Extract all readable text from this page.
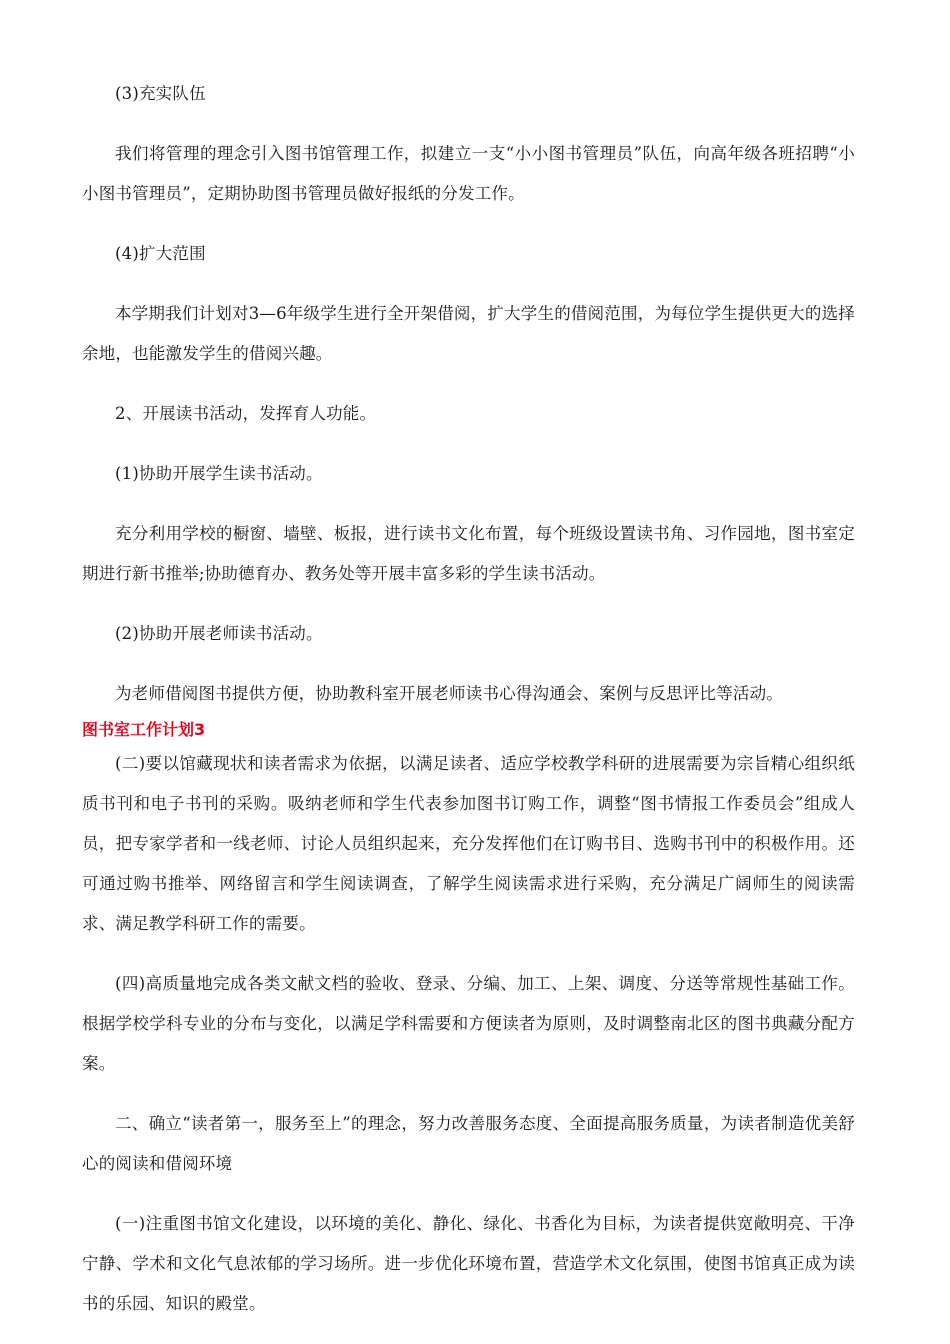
(3)充实队伍

我们将管理的理念引入图书馆管理工作，拟建立一支“小小图书管理员”队伍，向高年级各班招聘“小小图书管理员”，定期协助图书管理员做好报纸的分发工作。

(4)扩大范围

本学期我们计划对3—6年级学生进行全开架借阅，扩大学生的借阅范围，为每位学生提供更大的选择余地，也能激发学生的借阅兴趣。

2、开展读书活动，发挥育人功能。

(1)协助开展学生读书活动。

充分利用学校的橱窗、墙壁、板报，进行读书文化布置，每个班级设置读书角、习作园地，图书室定期进行新书推举;协助德育办、教务处等开展丰富多彩的学生读书活动。

(2)协助开展老师读书活动。

为老师借阅图书提供方便，协助教科室开展老师读书心得沟通会、案例与反思评比等活动。

图书室工作计划3

(二)要以馆藏现状和读者需求为依据，以满足读者、适应学校教学科研的进展需要为宗旨精心组织纸质书刊和电子书刊的采购。吸纳老师和学生代表参加图书订购工作，调整“图书情报工作委员会”组成人员，把专家学者和一线老师、讨论人员组织起来，充分发挥他们在订购书目、选购书刊中的积极作用。还可通过购书推举、网络留言和学生阅读调查，了解学生阅读需求进行采购，充分满足广阔师生的阅读需求、满足教学科研工作的需要。

(四)高质量地完成各类文献文档的验收、登录、分编、加工、上架、调度、分送等常规性基础工作。根据学校学科专业的分布与变化，以满足学科需要和方便读者为原则，及时调整南北区的图书典藏分配方案。

二、确立“读者第一，服务至上”的理念，努力改善服务态度、全面提高服务质量，为读者制造优美舒心的阅读和借阅环境

(一)注重图书馆文化建设，以环境的美化、静化、绿化、书香化为目标，为读者提供宽敞明亮、干净宁静、学术和文化气息浓郁的学习场所。进一步优化环境布置，营造学术文化氛围，使图书馆真正成为读书的乐园、知识的殿堂。
